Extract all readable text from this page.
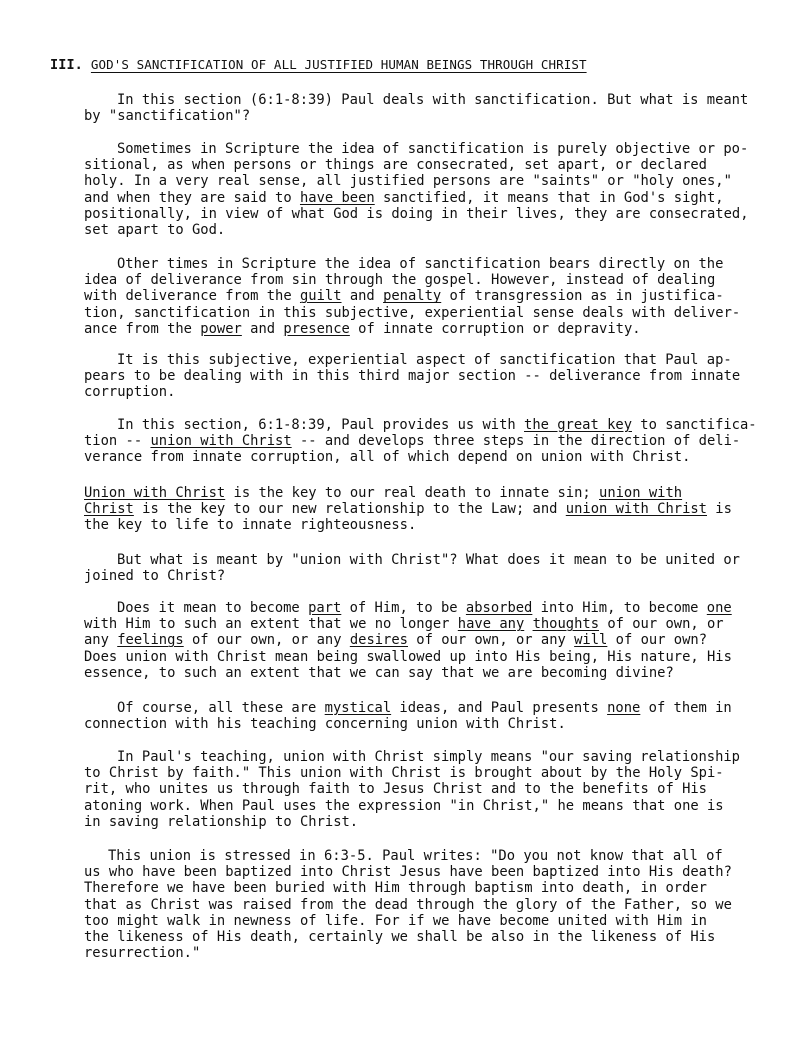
III. GOD'S SANCTIFICATION OF ALL JUSTIFIED HUMAN BEINGS THROUGH CHRIST
In this section (6:1-8:39) Paul deals with sanctification. But what is meant
by "sanctification"?
Sometimes in Scripture the idea of sanctification is purely objective or po-
sitional, as when persons or things are consecrated, set apart, or declared
holy. In a very real sense, all justified persons are "saints" or "holy ones,"
and when they are said to have been sanctified, it means that in God's sight,
positionally, in view of what God is doing in their lives, they are consecrated,
set apart to God.
Other times in Scripture the idea of sanctification bears directly on the
idea of deliverance from sin through the gospel. However, instead of dealing
with deliverance from the guilt and penalty of transgression as in justifica-
tion, sanctification in this subjective, experiential sense deals with deliver-
ance from the power and presence of innate corruption or depravity.
It is this subjective, experiential aspect of sanctification that Paul ap-
pears to be dealing with in this third major section -- deliverance from innate
corruption.
In this section, 6:1-8:39, Paul provides us with the great key to sanctifica-
tion -- union with Christ -- and develops three steps in the direction of deli-
verance from innate corruption, all of which depend on union with Christ.
Union with Christ is the key to our real death to innate sin; union with
Christ is the key to our new relationship to the Law; and union with Christ is
the key to life to innate righteousness.
But what is meant by "union with Christ"? What does it mean to be united or
joined to Christ?
Does it mean to become part of Him, to be absorbed into Him, to become one
with Him to such an extent that we no longer have any thoughts of our own, or
any feelings of our own, or any desires of our own, or any will of our own?
Does union with Christ mean being swallowed up into His being, His nature, His
essence, to such an extent that we can say that we are becoming divine?
Of course, all these are mystical ideas, and Paul presents none of them in
connection with his teaching concerning union with Christ.
In Paul's teaching, union with Christ simply means "our saving relationship
to Christ by faith." This union with Christ is brought about by the Holy Spi-
rit, who unites us through faith to Jesus Christ and to the benefits of His
atoning work. When Paul uses the expression "in Christ," he means that one is
in saving relationship to Christ.
This union is stressed in 6:3-5. Paul writes: "Do you not know that all of
us who have been baptized into Christ Jesus have been baptized into His death?
Therefore we have been buried with Him through baptism into death, in order
that as Christ was raised from the dead through the glory of the Father, so we
too might walk in newness of life. For if we have become united with Him in
the likeness of His death, certainly we shall be also in the likeness of His
resurrection."
